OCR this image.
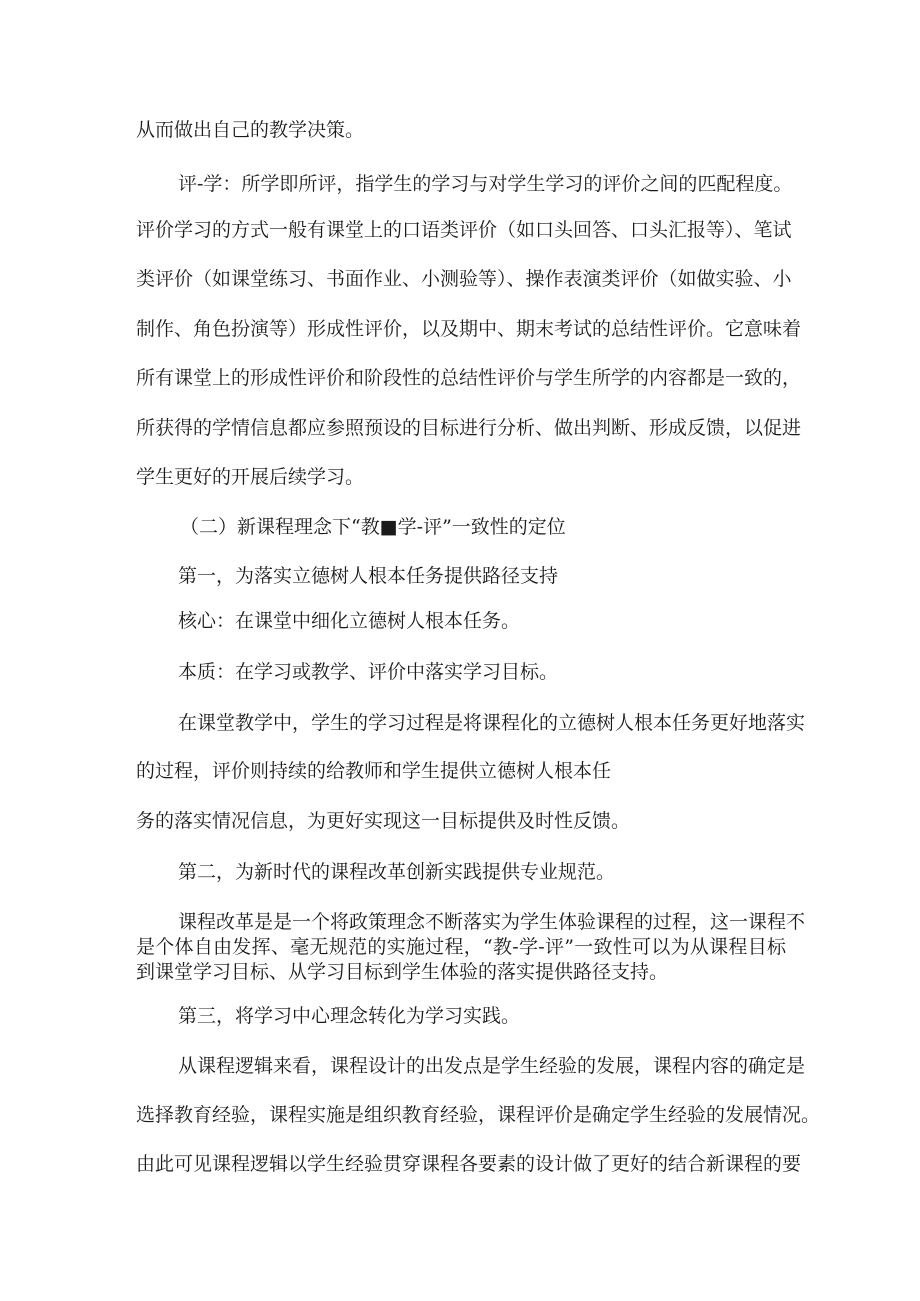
从而做出自己的教学决策。

评-学：所学即所评，指学生的学习与对学生学习的评价之间的匹配程度。

评价学习的方式一般有课堂上的口语类评价（如口头回答、口头汇报等）、笔试

类评价（如课堂练习、书面作业、小测验等）、操作表演类评价（如做实验、小

制作、角色扮演等）形成性评价，以及期中、期末考试的总结性评价。它意味着

所有课堂上的形成性评价和阶段性的总结性评价与学生所学的内容都是一致的，

所获得的学情信息都应参照预设的目标进行分析、做出判断、形成反馈，以促进

学生更好的开展后续学习。

（二）新课程理念下“教■学-评”一致性的定位

第一，为落实立德树人根本任务提供路径支持

核心：在课堂中细化立德树人根本任务。

本质：在学习或教学、评价中落实学习目标。

在课堂教学中，学生的学习过程是将课程化的立德树人根本任务更好地落实

的过程，评价则持续的给教师和学生提供立德树人根本任

务的落实情况信息，为更好实现这一目标提供及时性反馈。

第二，为新时代的课程改革创新实践提供专业规范。

课程改革是是一个将政策理念不断落实为学生体验课程的过程，这一课程不

是个体自由发挥、毫无规范的实施过程，“教-学-评”一致性可以为从课程目标

到课堂学习目标、从学习目标到学生体验的落实提供路径支持。

第三，将学习中心理念转化为学习实践。

从课程逻辑来看，课程设计的出发点是学生经验的发展，课程内容的确定是

选择教育经验，课程实施是组织教育经验，课程评价是确定学生经验的发展情况。

由此可见课程逻辑以学生经验贯穿课程各要素的设计做了更好的结合新课程的要
